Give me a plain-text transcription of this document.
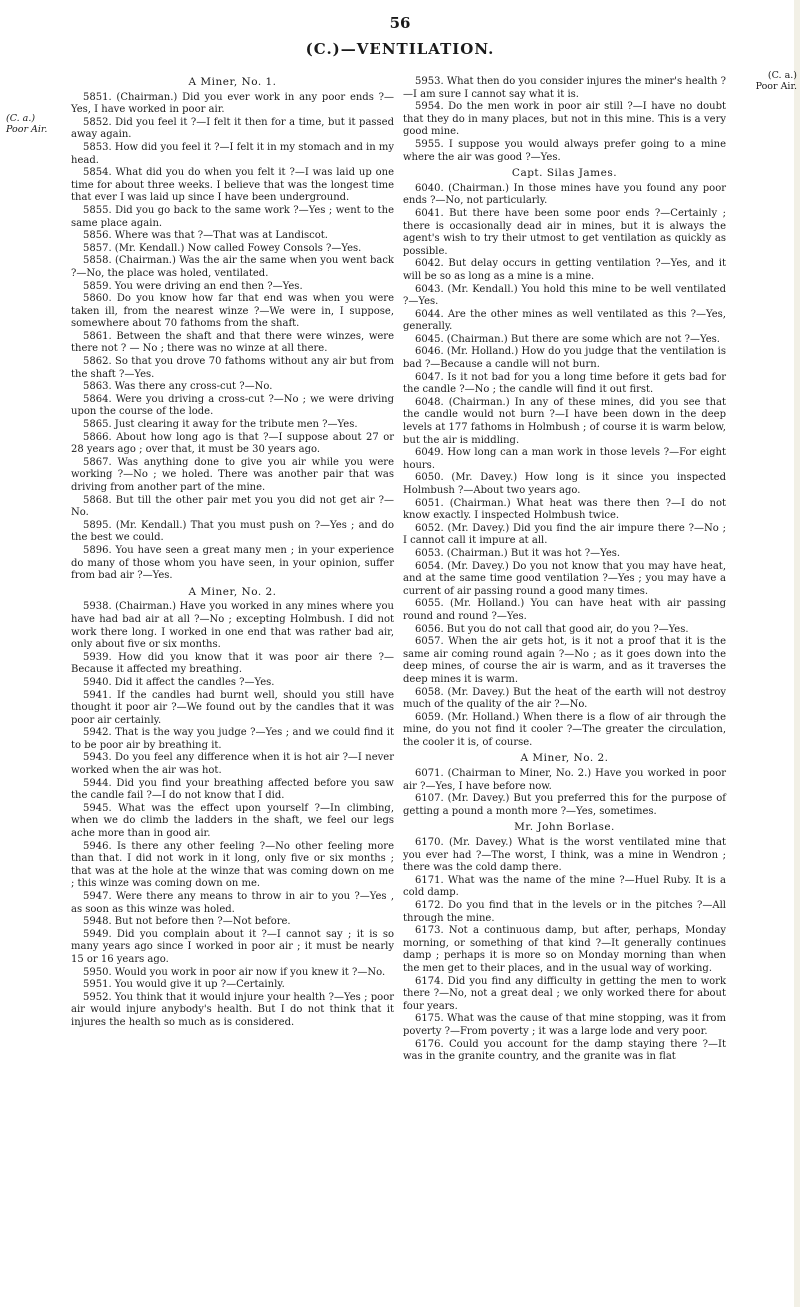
56
(C.)—VENTILATION.
(C. a.) Poor Air.
(C. a.) Poor Air.
A Miner, No. 1.

5851. (Chairman.) Did you ever work in any poor ends ?—Yes, I have worked in poor air.

5852. Did you feel it ?—I felt it then for a time, but it passed away again.

5853. How did you feel it ?—I felt it in my stomach and in my head.

5854. What did you do when you felt it ?—I was laid up one time for about three weeks. I believe that was the longest time that ever I was laid up since I have been underground.

5855. Did you go back to the same work ?—Yes ; went to the same place again.

5856. Where was that ?—That was at Landiscot.

5857. (Mr. Kendall.) Now called Fowey Consols ?—Yes.

5858. (Chairman.) Was the air the same when you went back ?—No, the place was holed, ventilated.

5859. You were driving an end then ?—Yes.

5860. Do you know how far that end was when you were taken ill, from the nearest winze ?—We were in, I suppose, somewhere about 70 fathoms from the shaft.

5861. Between the shaft and that there were winzes, were there not ? — No ; there was no winze at all there.

5862. So that you drove 70 fathoms without any air but from the shaft ?—Yes.

5863. Was there any cross-cut ?—No.

5864. Were you driving a cross-cut ?—No ; we were driving upon the course of the lode.

5865. Just clearing it away for the tribute men ?—Yes.

5866. About how long ago is that ?—I suppose about 27 or 28 years ago ; over that, it must be 30 years ago.

5867. Was anything done to give you air while you were working ?—No ; we holed. There was another pair that was driving from another part of the mine.

5868. But till the other pair met you you did not get air ?—No.

5895. (Mr. Kendall.) That you must push on ?—Yes ; and do the best we could.

5896. You have seen a great many men ; in your experience do many of those whom you have seen, in your opinion, suffer from bad air ?—Yes.

A Miner, No. 2.

5938. (Chairman.) Have you worked in any mines where you have had bad air at all ?—No ; excepting Holmbush. I did not work there long. I worked in one end that was rather bad air, only about five or six months.

5939. How did you know that it was poor air there ?—Because it affected my breathing.

5940. Did it affect the candles ?—Yes.

5941. If the candles had burnt well, should you still have thought it poor air ?—We found out by the candles that it was poor air certainly.

5942. That is the way you judge ?—Yes ; and we could find it to be poor air by breathing it.

5943. Do you feel any difference when it is hot air ?—I never worked when the air was hot.

5944. Did you find your breathing affected before you saw the candle fail ?—I do not know that I did.

5945. What was the effect upon yourself ?—In climbing, when we do climb the ladders in the shaft, we feel our legs ache more than in good air.

5946. Is there any other feeling ?—No other feeling more than that. I did not work in it long, only five or six months ; that was at the hole at the winze that was coming down on me ; this winze was coming down on me.

5947. Were there any means to throw in air to you ?—Yes , as soon as this winze was holed.

5948. But not before then ?—Not before.

5949. Did you complain about it ?—I cannot say ; it is so many years ago since I worked in poor air ; it must be nearly 15 or 16 years ago.

5950. Would you work in poor air now if you knew it ?—No.

5951. You would give it up ?—Certainly.

5952. You think that it would injure your health ?—Yes ; poor air would injure anybody's health. But I do not think that it injures the health so much as is considered.

5953. What then do you consider injures the miner's health ?—I am sure I cannot say what it is.

5954. Do the men work in poor air still ?—I have no doubt that they do in many places, but not in this mine. This is a very good mine.

5955. I suppose you would always prefer going to a mine where the air was good ?—Yes.

Capt. Silas James.

6040. (Chairman.) In those mines have you found any poor ends ?—No, not particularly.

6041. But there have been some poor ends ?—Certainly ; there is occasionally dead air in mines, but it is always the agent's wish to try their utmost to get ventilation as quickly as possible.

6042. But delay occurs in getting ventilation ?—Yes, and it will be so as long as a mine is a mine.

6043. (Mr. Kendall.) You hold this mine to be well ventilated ?—Yes.

6044. Are the other mines as well ventilated as this ?—Yes, generally.

6045. (Chairman.) But there are some which are not ?—Yes.

6046. (Mr. Holland.) How do you judge that the ventilation is bad ?—Because a candle will not burn.

6047. Is it not bad for you a long time before it gets bad for the candle ?—No ; the candle will find it out first.

6048. (Chairman.) In any of these mines, did you see that the candle would not burn ?—I have been down in the deep levels at 177 fathoms in Holmbush ; of course it is warm below, but the air is middling.

6049. How long can a man work in those levels ?—For eight hours.

6050. (Mr. Davey.) How long is it since you inspected Holmbush ?—About two years ago.

6051. (Chairman.) What heat was there then ?—I do not know exactly. I inspected Holmbush twice.

6052. (Mr. Davey.) Did you find the air impure there ?—No ; I cannot call it impure at all.

6053. (Chairman.) But it was hot ?—Yes.

6054. (Mr. Davey.) Do you not know that you may have heat, and at the same time good ventilation ?—Yes ; you may have a current of air passing round a good many times.

6055. (Mr. Holland.) You can have heat with air passing round and round ?—Yes.

6056. But you do not call that good air, do you ?—Yes.

6057. When the air gets hot, is it not a proof that it is the same air coming round again ?—No ; as it goes down into the deep mines, of course the air is warm, and as it traverses the deep mines it is warm.

6058. (Mr. Davey.) But the heat of the earth will not destroy much of the quality of the air ?—No.

6059. (Mr. Holland.) When there is a flow of air through the mine, do you not find it cooler ?—The greater the circulation, the cooler it is, of course.

A Miner, No. 2.

6071. (Chairman to Miner, No. 2.) Have you worked in poor air ?—Yes, I have before now.

6107. (Mr. Davey.) But you preferred this for the purpose of getting a pound a month more ?—Yes, sometimes.

Mr. John Borlase.

6170. (Mr. Davey.) What is the worst ventilated mine that you ever had ?—The worst, I think, was a mine in Wendron ; there was the cold damp there.

6171. What was the name of the mine ?—Huel Ruby. It is a cold damp.

6172. Do you find that in the levels or in the pitches ?—All through the mine.

6173. Not a continuous damp, but after, perhaps, Monday morning, or something of that kind ?—It generally continues damp ; perhaps it is more so on Monday morning than when the men get to their places, and in the usual way of working.

6174. Did you find any difficulty in getting the men to work there ?—No, not a great deal ; we only worked there for about four years.

6175. What was the cause of that mine stopping, was it from poverty ?—From poverty ; it was a large lode and very poor.

6176. Could you account for the damp staying there ?—It was in the granite country, and the granite was in flat
